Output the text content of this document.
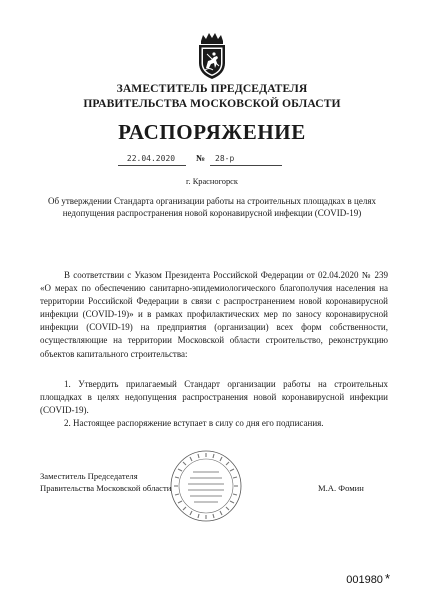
ЗАМЕСТИТЕЛЬ ПРЕДСЕДАТЕЛЯ
ПРАВИТЕЛЬСТВА МОСКОВСКОЙ ОБЛАСТИ
РАСПОРЯЖЕНИЕ
22.04.2020	№ 28-р
г. Красногорск
Об утверждении Стандарта организации работы на строительных площадках в целях недопущения распространения новой коронавирусной инфекции (COVID-19)
В соответствии с Указом Президента Российской Федерации от 02.04.2020 № 239 «О мерах по обеспечению санитарно-эпидемиологического благополучия населения на территории Российской Федерации в связи с распространением новой коронавирусной инфекции (COVID-19)» и в рамках профилактических мер по заносу коронавирусной инфекции (COVID-19) на предприятия (организации) всех форм собственности, осуществляющие на территории Московской области строительство, реконструкцию объектов капитального строительства:
1. Утвердить прилагаемый Стандарт организации работы на строительных площадках в целях недопущения распространения новой коронавирусной инфекции (COVID-19).
2. Настоящее распоряжение вступает в силу со дня его подписания.
Заместитель Председателя
Правительства Московской области	М.А. Фомин
001980 *
